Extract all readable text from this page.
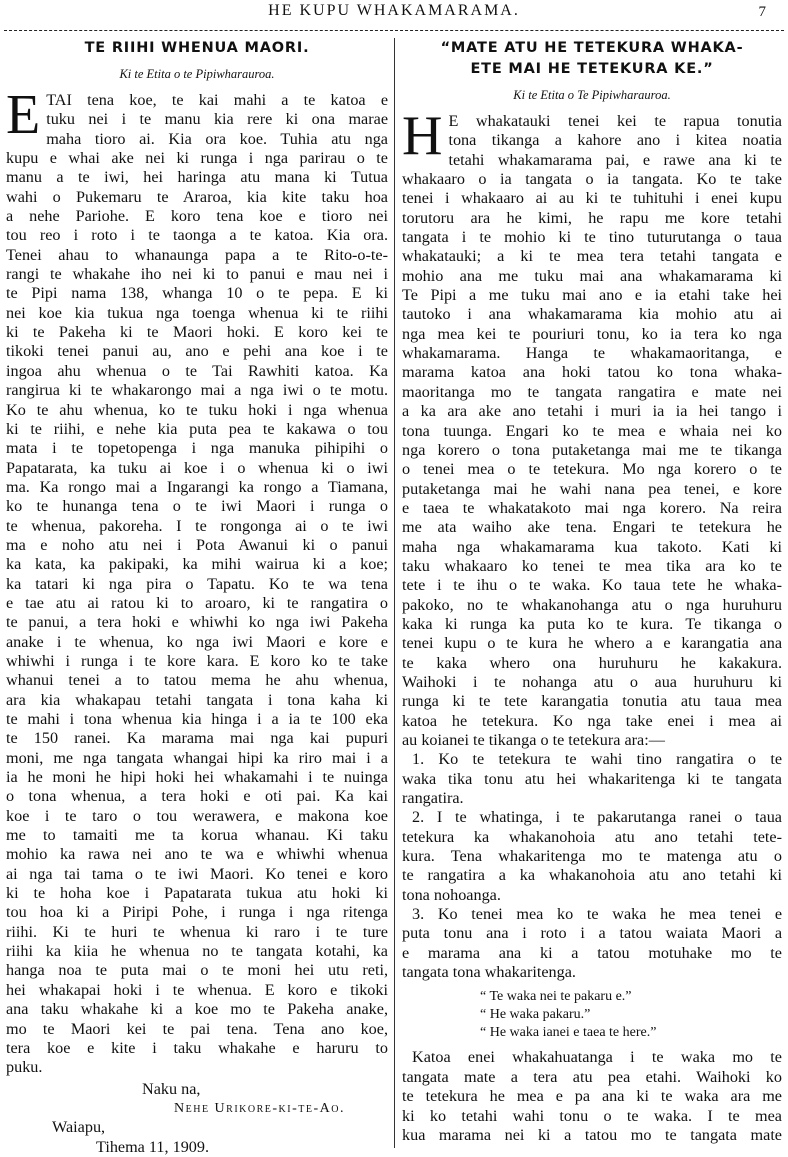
HE KUPU WHAKAMARAMA.	7
TE RIIHI WHENUA MAORI.
Ki te Etita o te Pipiwharauroa.
E TAI tena koe, te kai mahi a te katoa e
tuku nei i te manu kia rere ki ona marae
maha tioro ai. Kia ora koe. Tuhia atu nga
kupu e whai ake nei ki runga i nga parirau o te
manu a te iwi, hei haringa atu mana ki Tutua
wahi o Pukemaru te Araroa, kia kite taku hoa
a nehe Pariohe. E koro tena koe e tioro nei
tou reo i roto i te taonga a te katoa. Kia ora.
Tenei ahau to whanaunga papa a te Rito-o-te-
rangi te whakahe iho nei ki to panui e mau nei i
te Pipi nama 138, whanga 10 o te pepa. E ki
nei koe kia tukua nga toenga whenua ki te riihi
ki te Pakeha ki te Maori hoki. E koro kei te
tikoki tenei panui au, ano e pehi ana koe i te
ingoa ahu whenua o te Tai Rawhiti katoa. Ka
rangirua ki te whakarongo mai a nga iwi o te motu.
Ko te ahu whenua, ko te tuku hoki i nga whenua
ki te riihi, e nehe kia puta pea te kakawa o tou
mata i te topetopenga i nga manuka pihipihi o
Papatarata, ka tuku ai koe i o whenua ki o iwi
ma. Ka rongo mai a Ingarangi ka rongo a Tiamana,
ko te hunanga tena o te iwi Maori i runga o
te whenua, pakoreha. I te rongonga ai o te iwi
ma e noho atu nei i Pota Awanui ki o panui
ka kata, ka pakipaki, ka mihi wairua ki a koe;
ka tatari ki nga pira o Tapatu. Ko te wa tena
e tae atu ai ratou ki to aroaro, ki te rangatira o
te panui, a tera hoki e whiwhi ko nga iwi Pakeha
anake i te whenua, ko nga iwi Maori e kore e
whiwhi i runga i te kore kara. E koro ko te take
whanui tenei a to tatou mema he ahu whenua,
ara kia whakapau tetahi tangata i tona kaha ki
te mahi i tona whenua kia hinga i a ia te 100 eka
te 150 ranei. Ka marama mai nga kai pupuri
moni, me nga tangata whangai hipi ka riro mai i a
ia he moni he hipi hoki hei whakamahi i te nuinga
o tona whenua, a tera hoki e oti pai. Ka kai
koe i te taro o tou werawera, e makona koe
me to tamaiti me ta korua whanau. Ki taku
mohio ka rawa nei ano te wa e whiwhi whenua
ai nga tai tama o te iwi Maori. Ko tenei e koro
ki te hoha koe i Papatarata tukua atu hoki ki
tou hoa ki a Piripi Pohe, i runga i nga ritenga
riihi. Ki te huri te whenua ki raro i te ture
riihi ka kiia he whenua no te tangata kotahi, ka
hanga noa te puta mai o te moni hei utu reti,
hei whakapai hoki i te whenua. E koro e tikoki
ana taku whakahe ki a koe mo te Pakeha anake,
mo te Maori kei te pai tena. Tena ano koe,
tera koe e kite i taku whakahe e haruru to
puku.
Naku na,
Nehe Urikore-ki-te-Ao.
Waiapu,
Tihema 11, 1909.
“MATE ATU HE TETEKURA WHAKA-
ETE MAI HE TETEKURA KE.”
Ki te Etita o Te Pipiwharauroa.
H E whakatauki tenei kei te rapua tonutia
tona tikanga a kahore ano i kitea noatia
tetahi whakamarama pai, e rawe ana ki te
whakaaro o ia tangata o ia tangata. Ko te take
tenei i whakaaro ai au ki te tuhituhi i enei kupu
torutoru ara he kimi, he rapu me kore tetahi
tangata i te mohio ki te tino tuturutanga o taua
whakatauki; a ki te mea tera tetahi tangata e
mohio ana me tuku mai ana whakamarama ki
Te Pipi a me tuku mai ano e ia etahi take hei
tautoko i ana whakamarama kia mohio atu ai
nga mea kei te pouriuri tonu, ko ia tera ko nga
whakamarama. Hanga te whakamaoritanga, e
marama katoa ana hoki tatou ko tona whaka-
maoritanga mo te tangata rangatira e mate nei
a ka ara ake ano tetahi i muri ia ia hei tango i
tona tuunga. Engari ko te mea e whaia nei ko
nga korero o tona putaketanga mai me te tikanga
o tenei mea o te tetekura. Mo nga korero o te
putaketanga mai he wahi nana pea tenei, e kore
e taea te whakatakoto mai nga korero. Na reira
me ata waiho ake tena. Engari te tetekura he
maha nga whakamarama kua takoto. Kati ki
taku whakaaro ko tenei te mea tika ara ko te
tete i te ihu o te waka. Ko taua tete he whaka-
pakoko, no te whakanohanga atu o nga huruhuru
kaka ki runga ka puta ko te kura. Te tikanga o
tenei kupu o te kura he whero a e karangatia ana
te kaka whero ona huruhuru he kakakura.
Waihoki i te nohanga atu o aua huruhuru ki
runga ki te tete karangatia tonutia atu taua mea
katoa he tetekura. Ko nga take enei i mea ai
au koianei te tikanga o te tetekura ara:—
1. Ko te tetekura te wahi tino rangatira o te
waka tika tonu atu hei whakaritenga ki te tangata
rangatira.
2. I te whatinga, i te pakarutanga ranei o taua
tetekura ka whakanohoia atu ano tetahi tete-
kura. Tena whakaritenga mo te matenga atu o
te rangatira a ka whakanohoia atu ano tetahi ki
tona nohoanga.
3. Ko tenei mea ko te waka he mea tenei e
puta tonu ana i roto i a tatou waiata Maori a
e marama ana ki a tatou motuhake mo te
tangata tona whakaritenga.
“ Te waka nei te pakaru e.”
“ He waka pakaru.”
“ He waka ianei e taea te here.”
Katoa enei whakahuatanga i te waka mo te
tangata mate a tera atu pea etahi. Waihoki ko
te tetekura he mea e pa ana ki te waka ara me
ki ko tetahi wahi tonu o te waka. I te mea
kua marama nei ki a tatou mo te tangata mate
